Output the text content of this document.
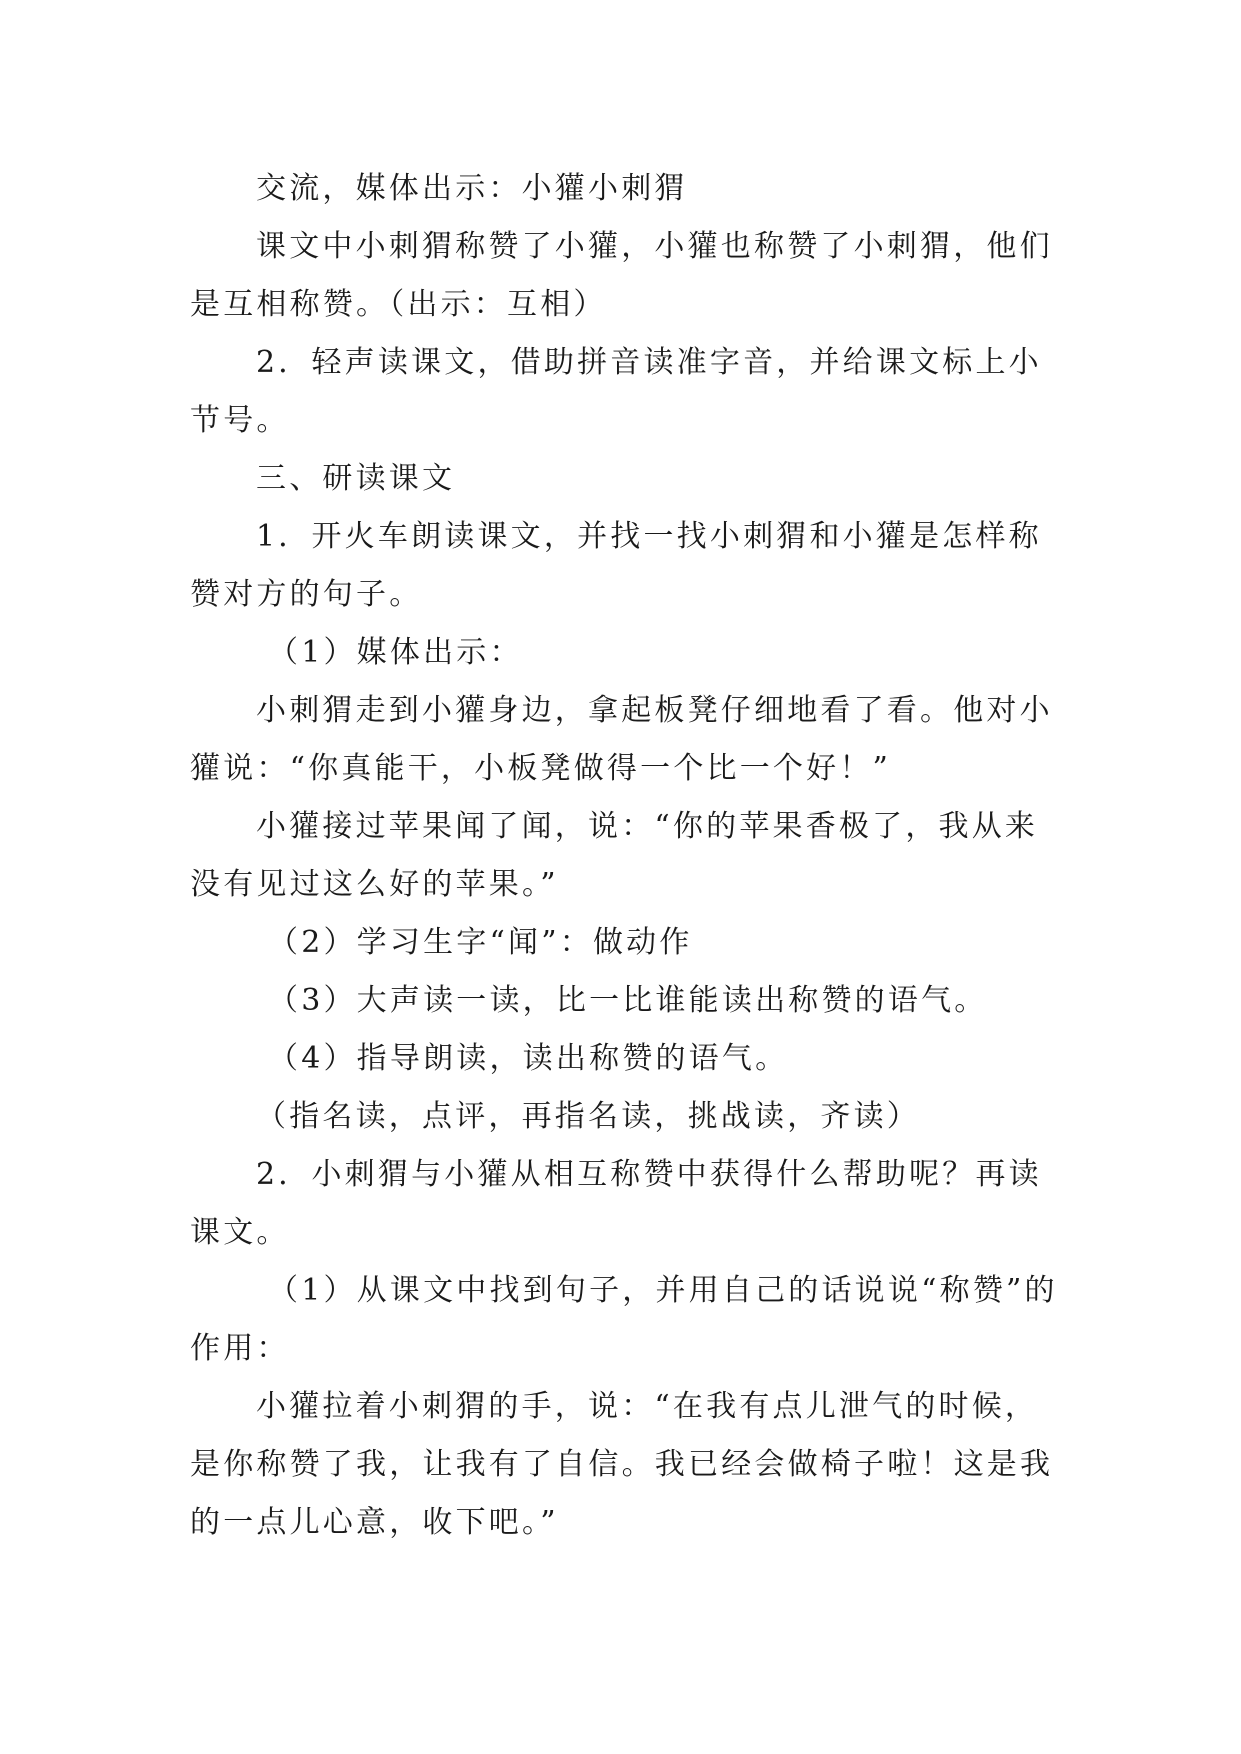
交流，媒体出示：小獾小刺猬

课文中小刺猬称赞了小獾，小獾也称赞了小刺猬，他们是互相称赞。（出示：互相）

2．轻声读课文，借助拼音读准字音，并给课文标上小节号。

三、研读课文

1．开火车朗读课文，并找一找小刺猬和小獾是怎样称赞对方的句子。

（1）媒体出示：

小刺猬走到小獾身边，拿起板凳仔细地看了看。他对小獾说：“你真能干，小板凳做得一个比一个好！”

小獾接过苹果闻了闻，说：“你的苹果香极了，我从来没有见过这么好的苹果。”

（2）学习生字“闻”：做动作

（3）大声读一读，比一比谁能读出称赞的语气。

（4）指导朗读，读出称赞的语气。

（指名读，点评，再指名读，挑战读，齐读）

2．小刺猬与小獾从相互称赞中获得什么帮助呢？再读课文。

（1）从课文中找到句子，并用自己的话说说“称赞”的作用：

小獾拉着小刺猬的手，说：“在我有点儿泄气的时候，是你称赞了我，让我有了自信。我已经会做椅子啦！这是我的一点儿心意，收下吧。”
